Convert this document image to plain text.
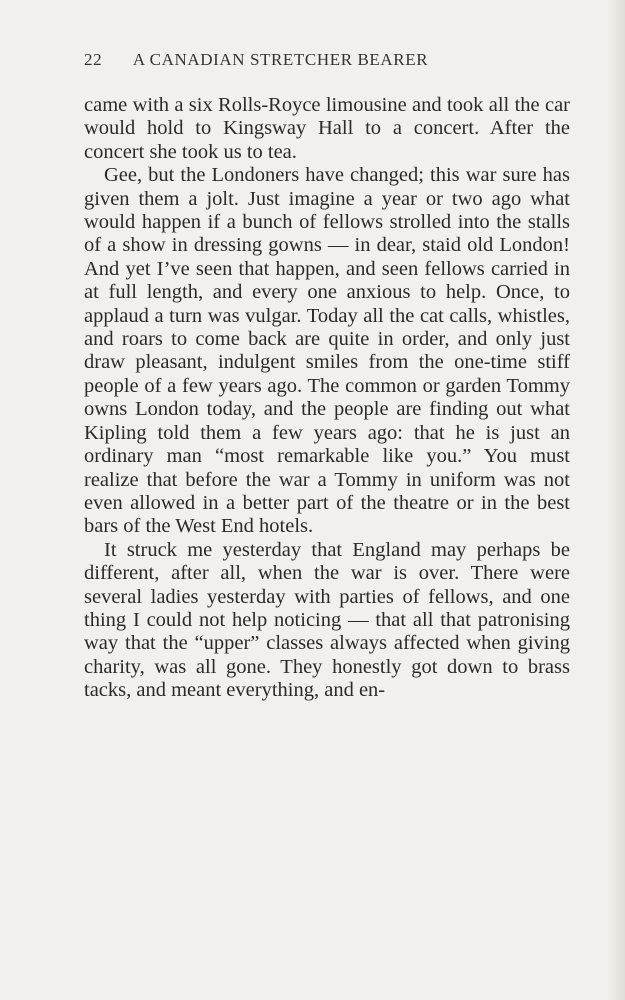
22 A CANADIAN STRETCHER BEARER

came with a six Rolls-Royce limousine and took all the car would hold to Kingsway Hall to a concert. After the concert she took us to tea.

Gee, but the Londoners have changed; this war sure has given them a jolt. Just imagine a year or two ago what would happen if a bunch of fellows strolled into the stalls of a show in dressing gowns — in dear, staid old London! And yet I’ve seen that happen, and seen fellows carried in at full length, and every one anxious to help. Once, to applaud a turn was vulgar. Today all the cat calls, whistles, and roars to come back are quite in order, and only just draw pleasant, indulgent smiles from the one-time stiff people of a few years ago. The common or garden Tommy owns London today, and the people are finding out what Kipling told them a few years ago: that he is just an ordinary man “most remarkable like you.” You must realize that before the war a Tommy in uniform was not even allowed in a better part of the theatre or in the best bars of the West End hotels.

It struck me yesterday that England may perhaps be different, after all, when the war is over. There were several ladies yesterday with parties of fellows, and one thing I could not help noticing — that all that patronising way that the “upper” classes always affected when giving charity, was all gone. They honestly got down to brass tacks, and meant everything, and en-
